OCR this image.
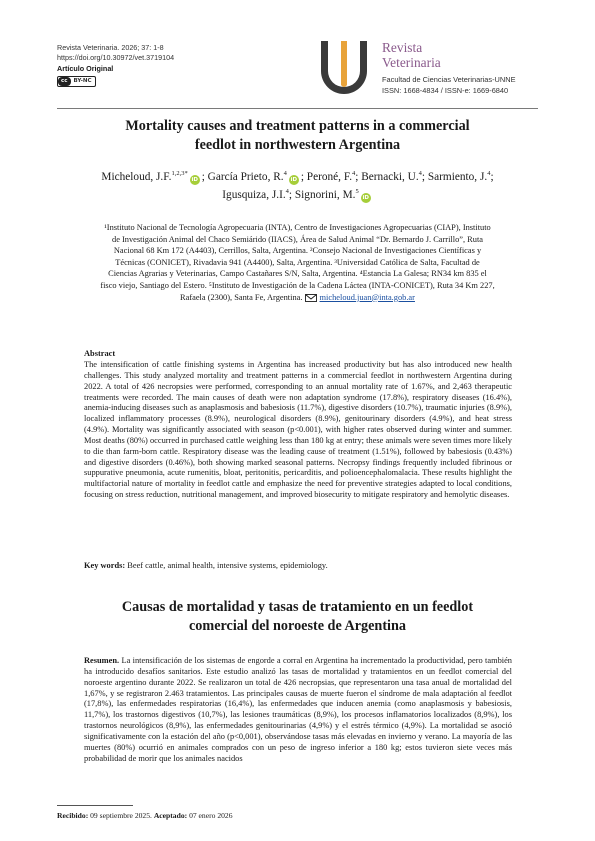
Revista Veterinaria. 2026; 37: 1-8
https://doi.org/10.30972/vet.3719104
Artículo Original
cc	BY-NC
Revista
Veterinaria
Facultad de Ciencias Veterinarias-UNNE
ISSN: 1668-4834 / ISSN-e: 1669-6840
Mortality causes and treatment patterns in a commercial
feedlot in northwestern Argentina
Micheloud, J.F.$^{1,2,3*}$iD ; García Prieto, R.$^4$iD ; Peroné, F.$^4$; Bernacki, U.$^4$; Sarmiento, J.$^4$;
Igusquiza, J.I.$^4$; Signorini, M.$^5$iD
¹Instituto Nacional de Tecnología Agropecuaria (INTA), Centro de Investigaciones Agropecuarias (CIAP), Instituto de Investigación Animal del Chaco Semiárido (IIACS), Área de Salud Animal “Dr. Bernardo J. Carrillo”, Ruta Nacional 68 Km 172 (A4403), Cerrillos, Salta, Argentina. ²Consejo Nacional de Investigaciones Científicas y Técnicas (CONICET), Rivadavia 941 (A4400), Salta, Argentina. ³Universidad Católica de Salta, Facultad de Ciencias Agrarias y Veterinarias, Campo Castañares S/N, Salta, Argentina. ⁴Estancia La Galesa; RN34 km 835 el fisco viejo, Santiago del Estero. ⁵Instituto de Investigación de la Cadena Láctea (INTA-CONICET), Ruta 34 Km 227, Rafaela (2300), Santa Fe, Argentina. micheloud.juan@inta.gob.ar
Abstract
The intensification of cattle finishing systems in Argentina has increased productivity but has also introduced new health challenges. This study analyzed mortality and treatment patterns in a commercial feedlot in northwestern Argentina during 2022. A total of 426 necropsies were performed, corresponding to an annual mortality rate of 1.67%, and 2,463 therapeutic treatments were recorded. The main causes of death were non adaptation syndrome (17.8%), respiratory diseases (16.4%), anemia-inducing diseases such as anaplasmosis and babesiosis (11.7%), digestive disorders (10.7%), traumatic injuries (8.9%), localized inflammatory processes (8.9%), neurological disorders (8.9%), genitourinary disorders (4.9%), and heat stress (4.9%). Mortality was significantly associated with season (p<0.001), with higher rates observed during winter and summer. Most deaths (80%) occurred in purchased cattle weighing less than 180 kg at entry; these animals were seven times more likely to die than farm-born cattle. Respiratory disease was the leading cause of treatment (1.51%), followed by babesiosis (0.43%) and digestive disorders (0.46%), both showing marked seasonal patterns. Necropsy findings frequently included fibrinous or suppurative pneumonia, acute rumenitis, bloat, peritonitis, pericarditis, and polioencephalomalacia. These results highlight the multifactorial nature of mortality in feedlot cattle and emphasize the need for preventive strategies adapted to local conditions, focusing on stress reduction, nutritional management, and improved biosecurity to mitigate respiratory and hemolytic diseases.
Key words: Beef cattle, animal health, intensive systems, epidemiology.
Causas de mortalidad y tasas de tratamiento en un feedlot
comercial del noroeste de Argentina
Resumen. La intensificación de los sistemas de engorde a corral en Argentina ha incrementado la productividad, pero también ha introducido desafíos sanitarios. Este estudio analizó las tasas de mortalidad y tratamientos en un feedlot comercial del noroeste argentino durante 2022. Se realizaron un total de 426 necropsias, que representaron una tasa anual de mortalidad del 1,67%, y se registraron 2.463 tratamientos. Las principales causas de muerte fueron el síndrome de mala adaptación al feedlot (17,8%), las enfermedades respiratorias (16,4%), las enfermedades que inducen anemia (como anaplasmosis y babesiosis, 11,7%), los trastornos digestivos (10,7%), las lesiones traumáticas (8,9%), los procesos inflamatorios localizados (8,9%), los trastornos neurológicos (8,9%), las enfermedades genitourinarias (4,9%) y el estrés térmico (4,9%). La mortalidad se asoció significativamente con la estación del año (p<0,001), observándose tasas más elevadas en invierno y verano. La mayoría de las muertes (80%) ocurrió en animales comprados con un peso de ingreso inferior a 180 kg; estos tuvieron siete veces más probabilidad de morir que los animales nacidos
Recibido: 09 septiembre 2025. Aceptado: 07 enero 2026
